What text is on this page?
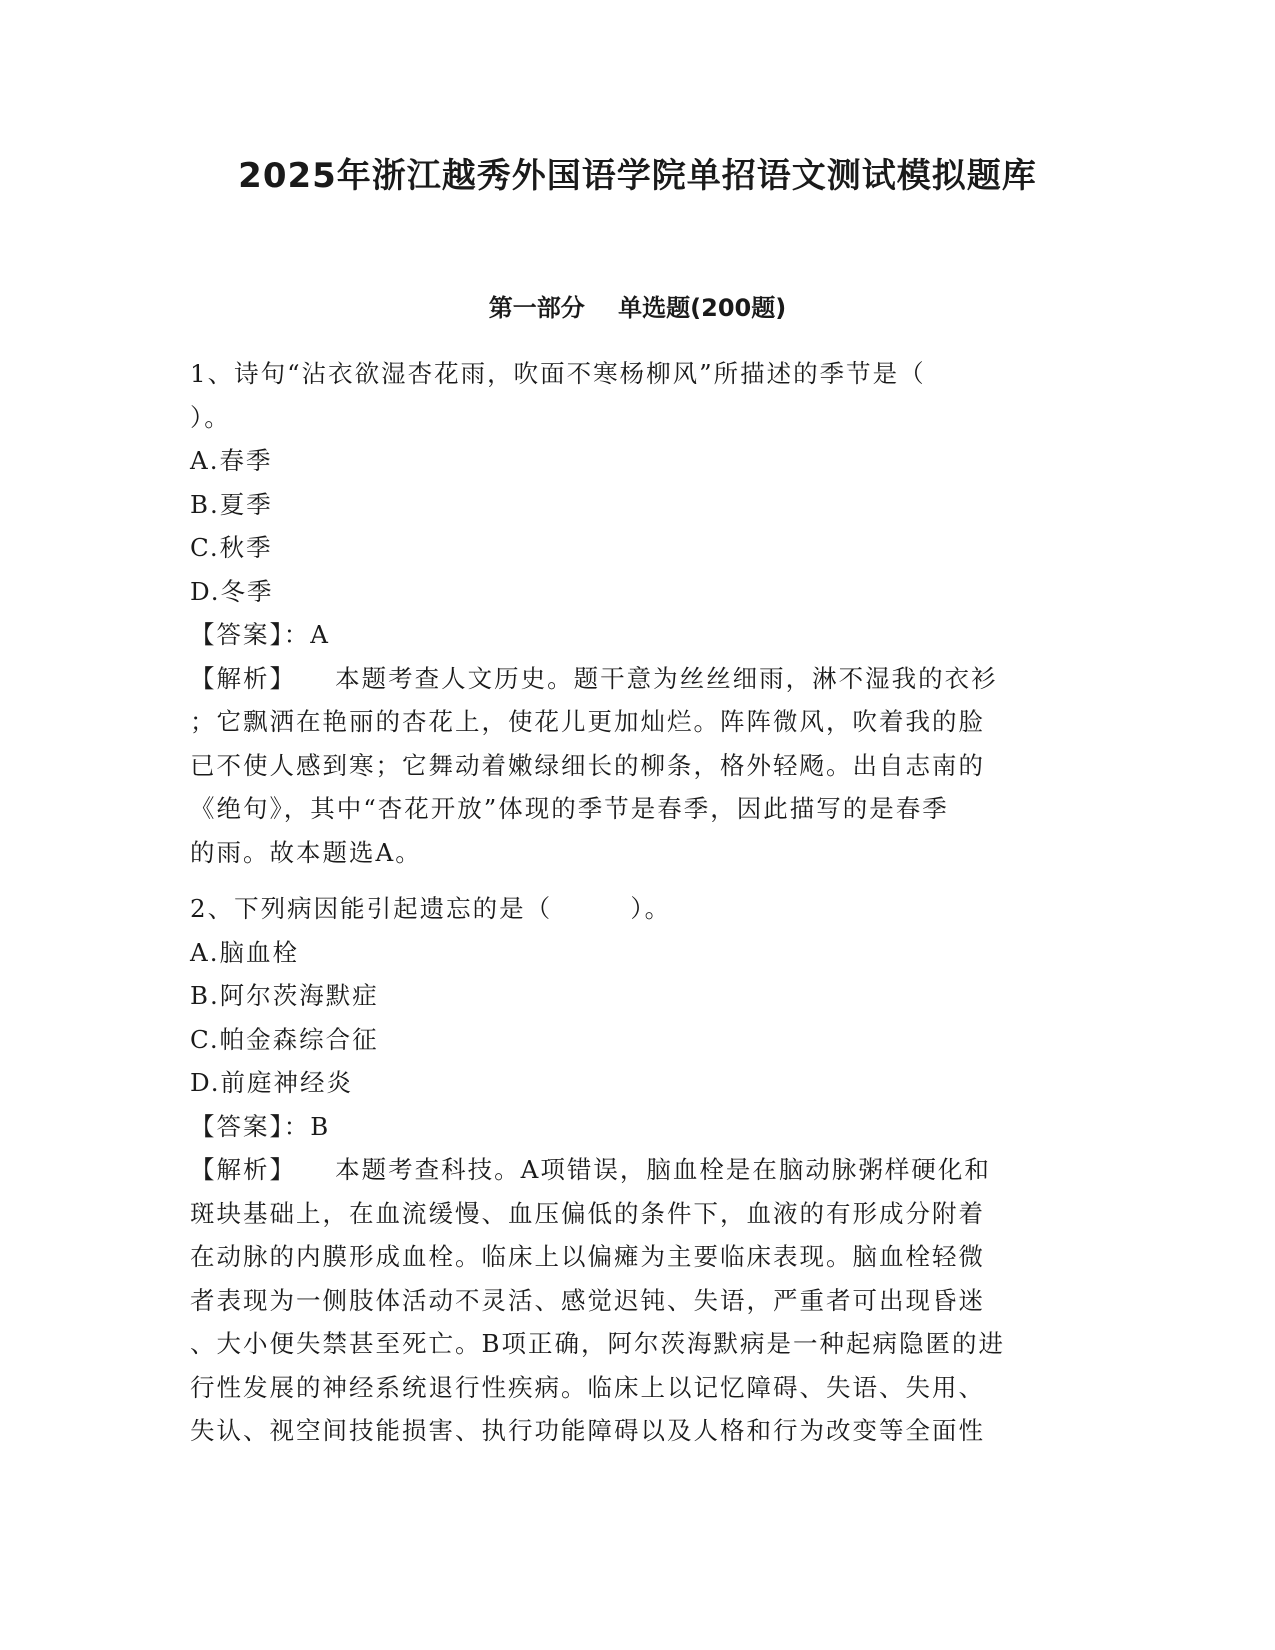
2025年浙江越秀外国语学院单招语文测试模拟题库
第一部分    单选题(200题)
1、诗句“沾衣欲湿杏花雨，吹面不寒杨柳风”所描述的季节是（
）。
A.春季
B.夏季
C.秋季
D.冬季
【答案】：A
【解析】    本题考查人文历史。题干意为丝丝细雨，淋不湿我的衣衫
；它飘洒在艳丽的杏花上，使花儿更加灿烂。阵阵微风，吹着我的脸
已不使人感到寒；它舞动着嫩绿细长的柳条，格外轻飏。出自志南的
《绝句》，其中“杏花开放”体现的季节是春季，因此描写的是春季
的雨。故本题选A。
2、下列病因能引起遗忘的是（        ）。
A.脑血栓
B.阿尔茨海默症
C.帕金森综合征
D.前庭神经炎
【答案】：B
【解析】    本题考查科技。A项错误，脑血栓是在脑动脉粥样硬化和
斑块基础上，在血流缓慢、血压偏低的条件下，血液的有形成分附着
在动脉的内膜形成血栓。临床上以偏瘫为主要临床表现。脑血栓轻微
者表现为一侧肢体活动不灵活、感觉迟钝、失语，严重者可出现昏迷
、大小便失禁甚至死亡。B项正确，阿尔茨海默病是一种起病隐匿的进
行性发展的神经系统退行性疾病。临床上以记忆障碍、失语、失用、
失认、视空间技能损害、执行功能障碍以及人格和行为改变等全面性
